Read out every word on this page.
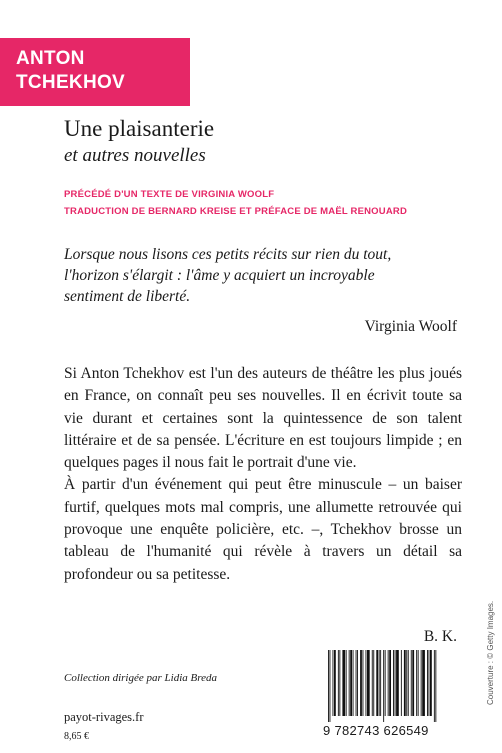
ANTON
TCHEKHOV
Une plaisanterie
et autres nouvelles
PRÉCÉDÉ D'UN TEXTE DE VIRGINIA WOOLF
TRADUCTION DE BERNARD KREISE ET PRÉFACE DE MAËL RENOUARD
Lorsque nous lisons ces petits récits sur rien du tout,
l'horizon s'élargit : l'âme y acquiert un incroyable
sentiment de liberté.
Virginia Woolf

Si Anton Tchekhov est l'un des auteurs de théâtre les plus joués en France, on connaît peu ses nouvelles. Il en écrivit toute sa vie durant et certaines sont la quintessence de son talent littéraire et de sa pensée. L'écriture en est toujours limpide ; en quelques pages il nous fait le portrait d'une vie.

À partir d'un événement qui peut être minuscule – un baiser furtif, quelques mots mal compris, une allumette retrouvée qui provoque une enquête policière, etc. –, Tchekhov brosse un tableau de l'humanité qui révèle à travers un détail sa profondeur ou sa petitesse.

B. K.
Collection dirigée par Lidia Breda
payot-rivages.fr
8,65 €
Couverture : © Getty Images.
9 782743 626549
